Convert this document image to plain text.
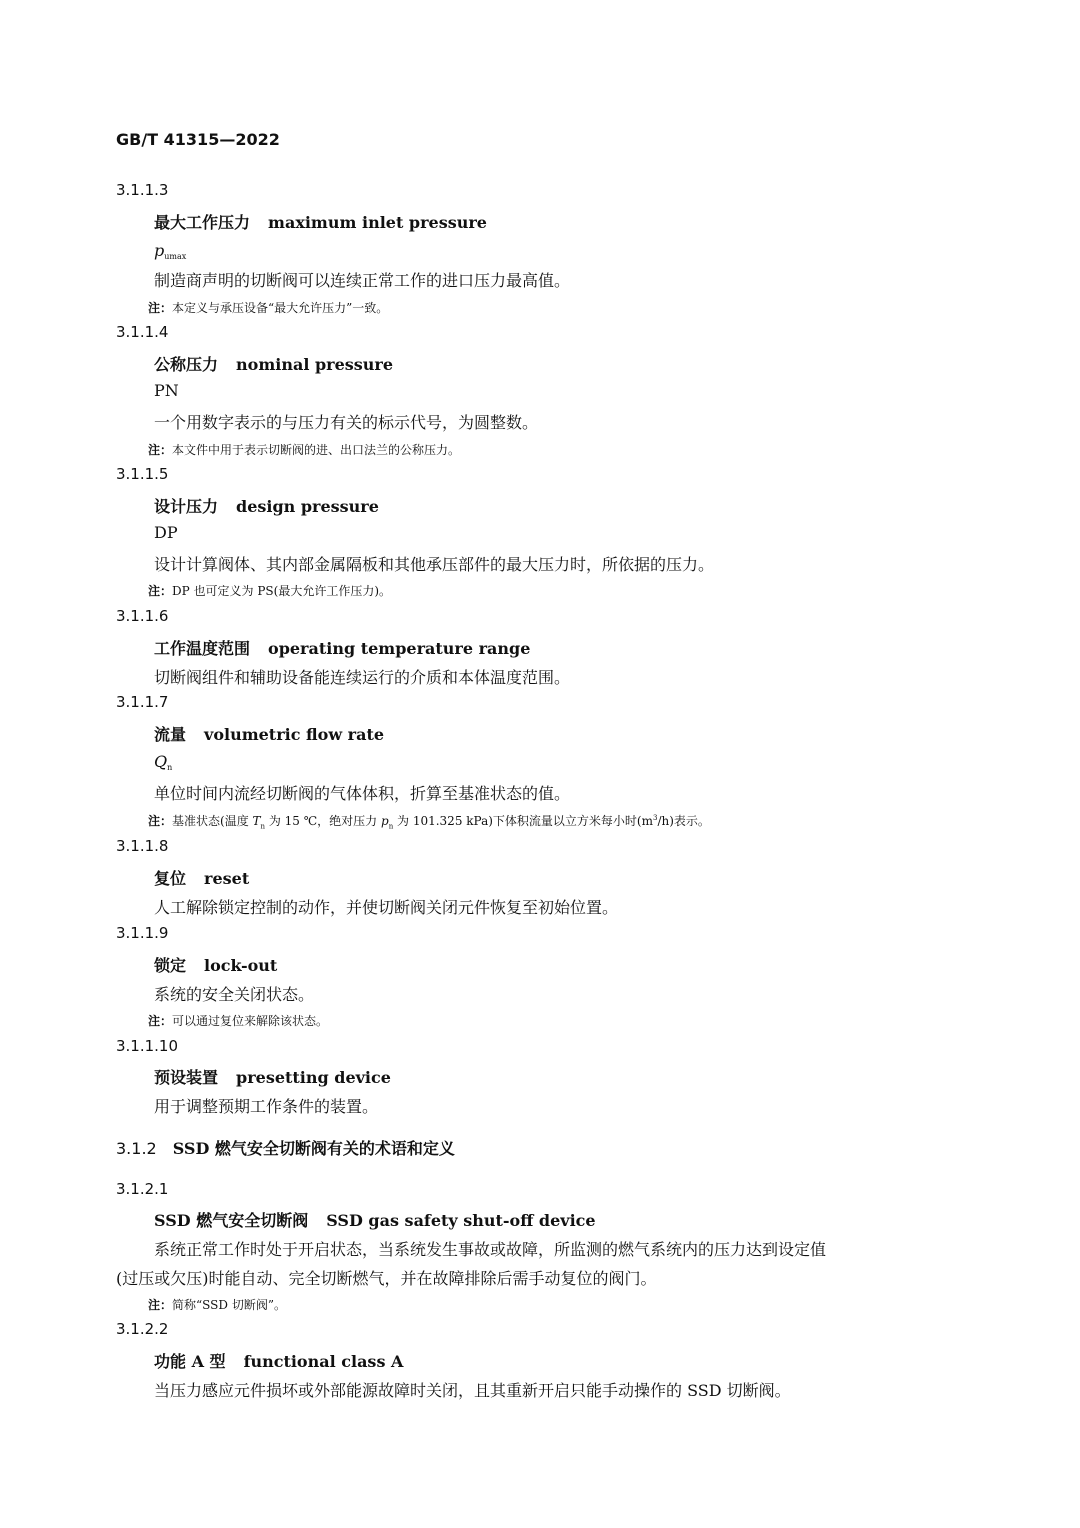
GB/T 41315—2022
3.1.1.3
最大工作压力 maximum inlet pressure
$p_{umax}$
制造商声明的切断阀可以连续正常工作的进口压力最高值。
注：本定义与承压设备“最大允许压力”一致。
3.1.1.4
公称压力 nominal pressure
PN
一个用数字表示的与压力有关的标示代号，为圆整数。
注：本文件中用于表示切断阀的进、出口法兰的公称压力。
3.1.1.5
设计压力 design pressure
DP
设计计算阀体、其内部金属隔板和其他承压部件的最大压力时，所依据的压力。
注：DP 也可定义为 PS(最大允许工作压力)。
3.1.1.6
工作温度范围 operating temperature range
切断阀组件和辅助设备能连续运行的介质和本体温度范围。
3.1.1.7
流量 volumetric flow rate
$Q_n$
单位时间内流经切断阀的气体体积，折算至基准状态的值。
注：基准状态(温度 $T_n$ 为 15 ℃，绝对压力 $p_n$ 为 101.325 kPa)下体积流量以立方米每小时$(m^3/h)$表示。
3.1.1.8
复位 reset
人工解除锁定控制的动作，并使切断阀关闭元件恢复至初始位置。
3.1.1.9
锁定 lock-out
系统的安全关闭状态。
注：可以通过复位来解除该状态。
3.1.1.10
预设装置 presetting device
用于调整预期工作条件的装置。
3.1.2 SSD 燃气安全切断阀有关的术语和定义
3.1.2.1
SSD 燃气安全切断阀 SSD gas safety shut-off device
系统正常工作时处于开启状态，当系统发生事故或故障，所监测的燃气系统内的压力达到设定值
(过压或欠压)时能自动、完全切断燃气，并在故障排除后需手动复位的阀门。
注：简称“SSD 切断阀”。
3.1.2.2
功能 A 型 functional class A
当压力感应元件损坏或外部能源故障时关闭，且其重新开启只能手动操作的 SSD 切断阀。
